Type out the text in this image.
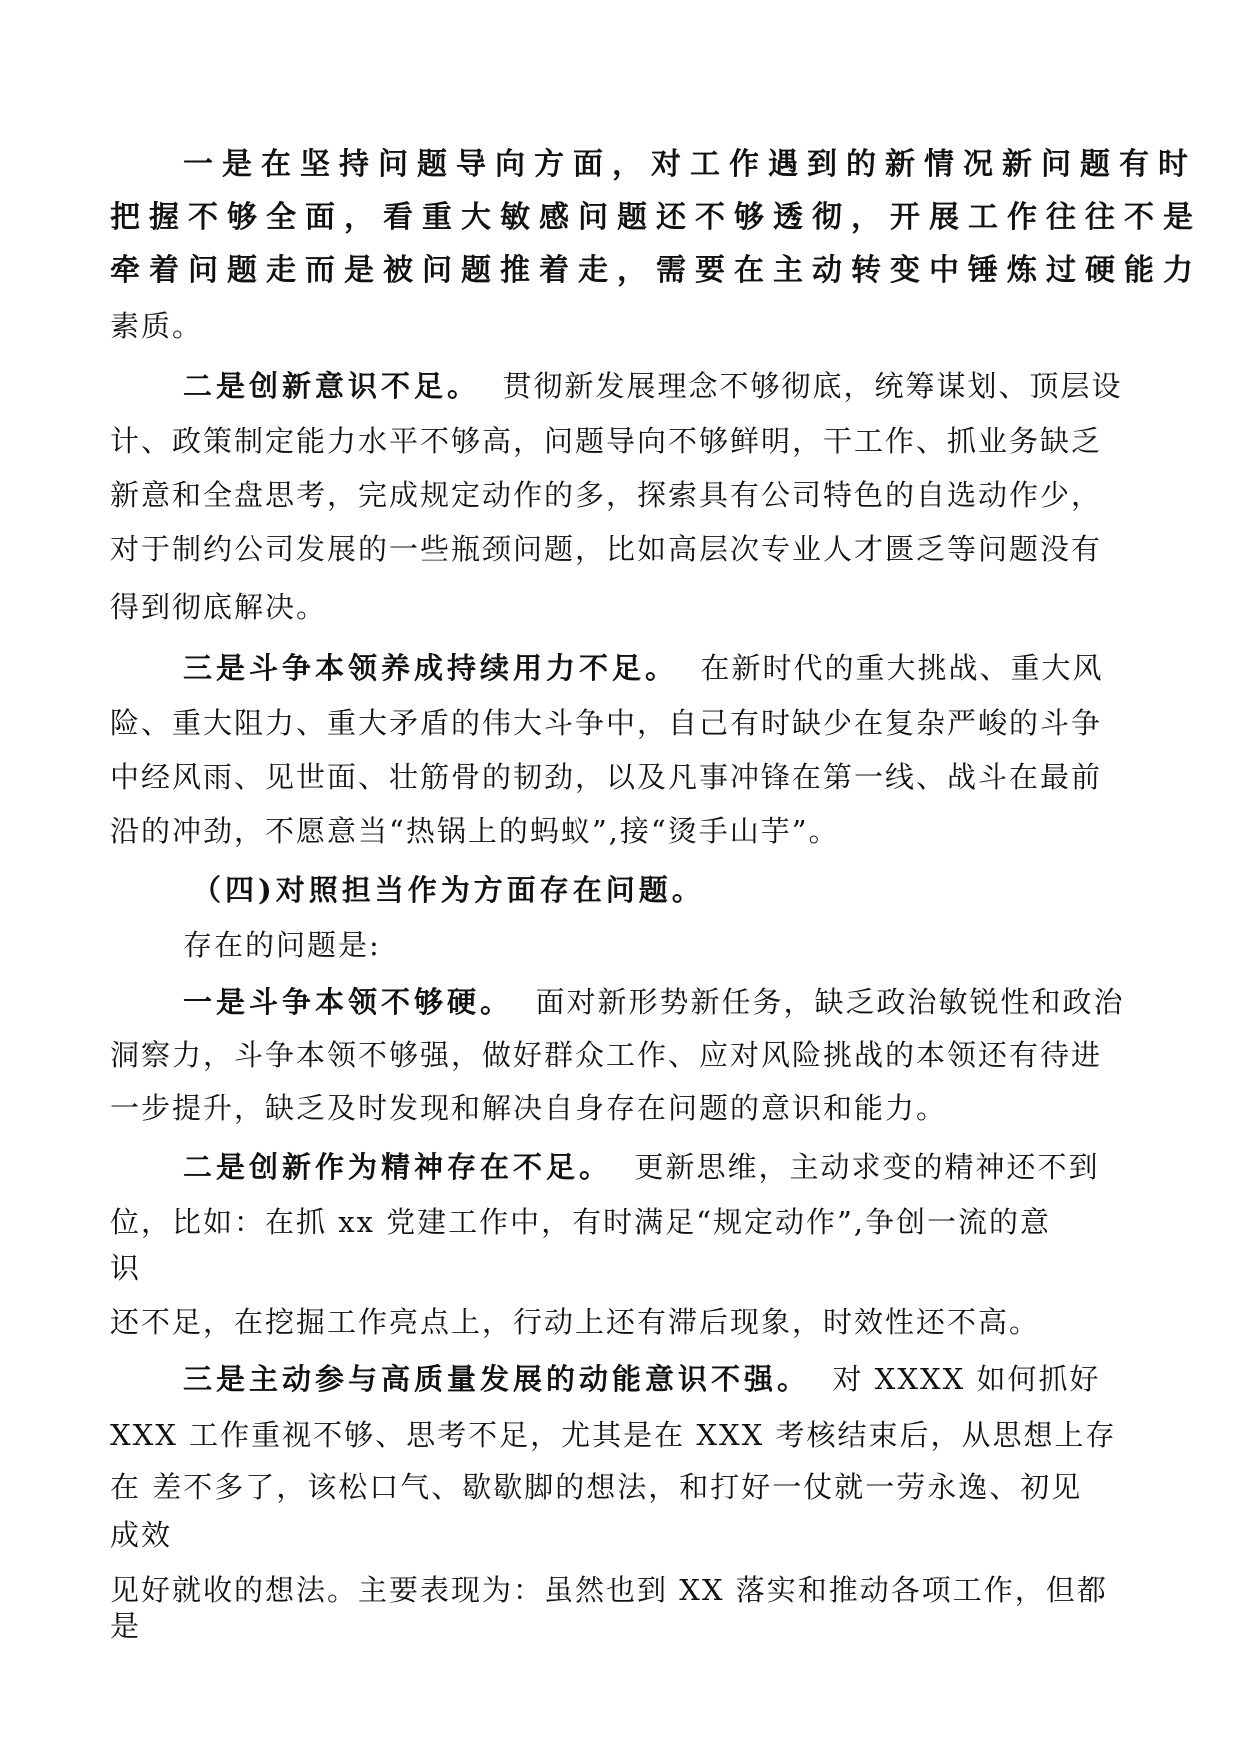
一是在坚持问题导向方面，对工作遇到的新情况新问题有时
把握不够全面，看重大敏感问题还不够透彻，开展工作往往不是
牵着问题走而是被问题推着走，需要在主动转变中锤炼过硬能力
素质。
二是创新意识不足。  贯彻新发展理念不够彻底，统筹谋划、顶层设
计、政策制定能力水平不够高，问题导向不够鲜明，干工作、抓业务缺乏
新意和全盘思考，完成规定动作的多，探索具有公司特色的自选动作少，
对于制约公司发展的一些瓶颈问题，比如高层次专业人才匮乏等问题没有
得到彻底解决。
三是斗争本领养成持续用力不足。  在新时代的重大挑战、重大风
险、重大阻力、重大矛盾的伟大斗争中，自己有时缺少在复杂严峻的斗争
中经风雨、见世面、壮筋骨的韧劲，以及凡事冲锋在第一线、战斗在最前
沿的冲劲，不愿意当“热锅上的蚂蚁”,接“烫手山芋”。
（四)对照担当作为方面存在问题。
存在的问题是:
一是斗争本领不够硬。  面对新形势新任务，缺乏政治敏锐性和政治
洞察力，斗争本领不够强，做好群众工作、应对风险挑战的本领还有待进
一步提升，缺乏及时发现和解决自身存在问题的意识和能力。
二是创新作为精神存在不足。  更新思维，主动求变的精神还不到
位，比如：在抓 xx 党建工作中，有时满足“规定动作”,争创一流的意
识
还不足，在挖掘工作亮点上，行动上还有滞后现象，时效性还不高。
三是主动参与高质量发展的动能意识不强。  对 XXXX 如何抓好
XXX 工作重视不够、思考不足，尤其是在 XXX 考核结束后，从思想上存
在 差不多了，该松口气、歇歇脚的想法，和打好一仗就一劳永逸、初见
成效
见好就收的想法。主要表现为：虽然也到 XX 落实和推动各项工作，但都
是
